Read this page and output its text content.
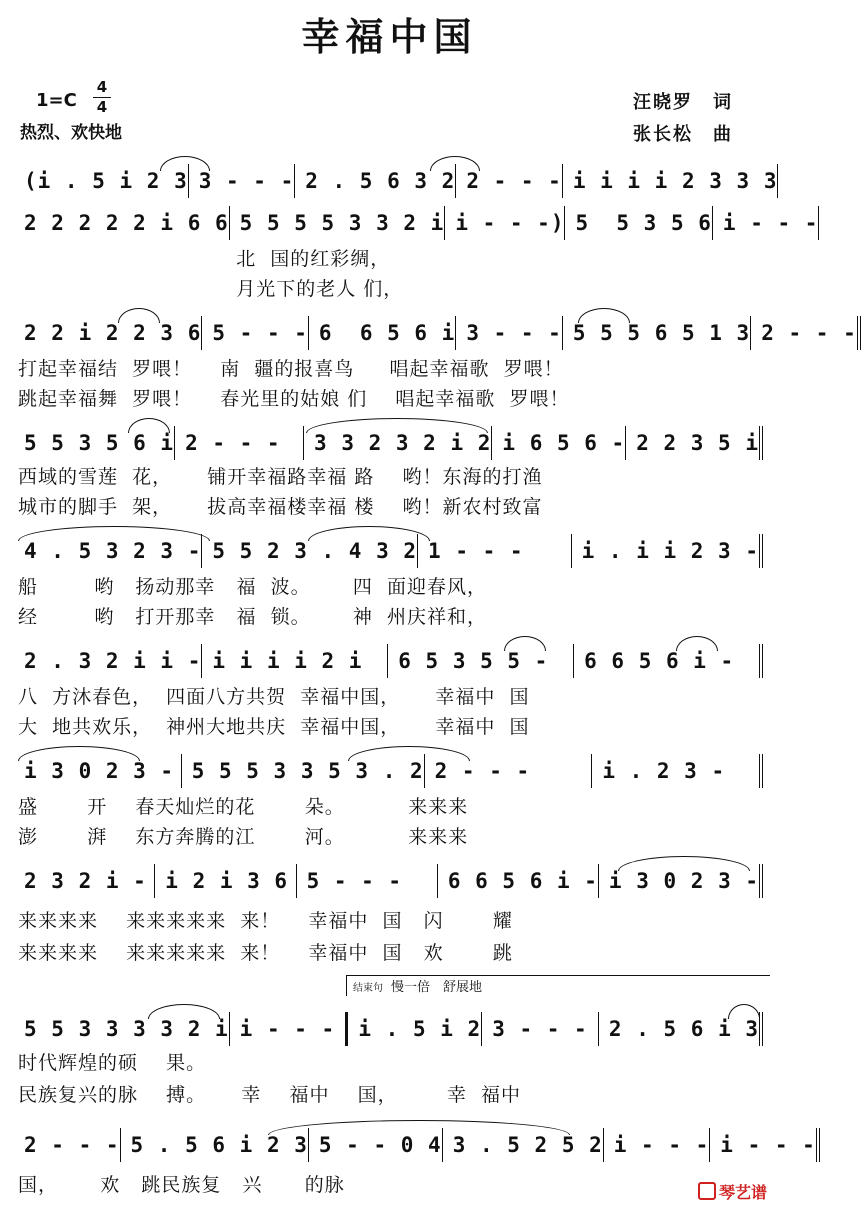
幸福中国
1=C
4
4
热烈、欢快地
汪晓罗　词
张长松　曲
(i . 5 i 2 3 3 - - - 2 . 5 6 3 2 2 - - - i i i i 2 3 3 3
2 2 2 2 2 i 6 6 5 5 5 5 3 3 2 i i - - -) 5  5 3 5 6 i - - -
北  国的红彩绸，
月光下的老人 们，
2 2 i 2 2 3 6 5 - - - 6  6 5 6 i 3 - - - 5 5 5 6 5 1 3 2 - - -
打起幸福结  罗喂！    南  疆的报喜鸟     唱起幸福歌  罗喂！
跳起幸福舞  罗喂！    春光里的姑娘 们    唱起幸福歌  罗喂！
5 5 3 5 6 i 2 - - -	3 3 2 3 2 i 2 i 6 5 6 - 2 2 3 5 i
西域的雪莲  花，     铺开幸福路幸福 路    哟！东海的打渔
城市的脚手  架，     拔高幸福楼幸福 楼    哟！新农村致富
4 . 5 3 2 3 - 5 5 2 3 . 4 3 2 1 - - -	i . i i 2 3 -
船        哟   扬动那幸   福  波。      四  面迎春风，
经        哟   打开那幸   福  锁。      神  州庆祥和，
2 . 3 2 i i - i i i i 2 i	6 5 3 5 5 -	6 6 5 6 i -
八  方沐春色，  四面八方共贺  幸福中国，     幸福中  国
大  地共欢乐，  神州大地共庆  幸福中国，     幸福中  国
i 3 0 2 3 - 5 5 5 3 3 5 3 . 2 2 - - -	i . 2 3 -
盛       开    春天灿烂的花       朵。         来来来
澎       湃    东方奔腾的江       河。         来来来
2 3 2 i - i 2 i 3 6 5 - - -	6 6 5 6 i - i 3 0 2 3 -
来来来来    来来来来来  来！    幸福中  国   闪       耀
来来来来    来来来来来  来！    幸福中  国   欢       跳
结束句 慢一倍　舒展地
5 5 3 3 3 3 2 i i - - -	i . 5 i 2 3 - - -	2 . 5 6 i 3
时代辉煌的硕    果。
民族复兴的脉    搏。     幸    福中    国，       幸  福中
2 - - - 5 . 5 6 i 2 3 5 - - 0 4 3 . 5 2 5 2 i - - - i - - -
国，      欢   跳民族复   兴      的脉	琴艺谱
